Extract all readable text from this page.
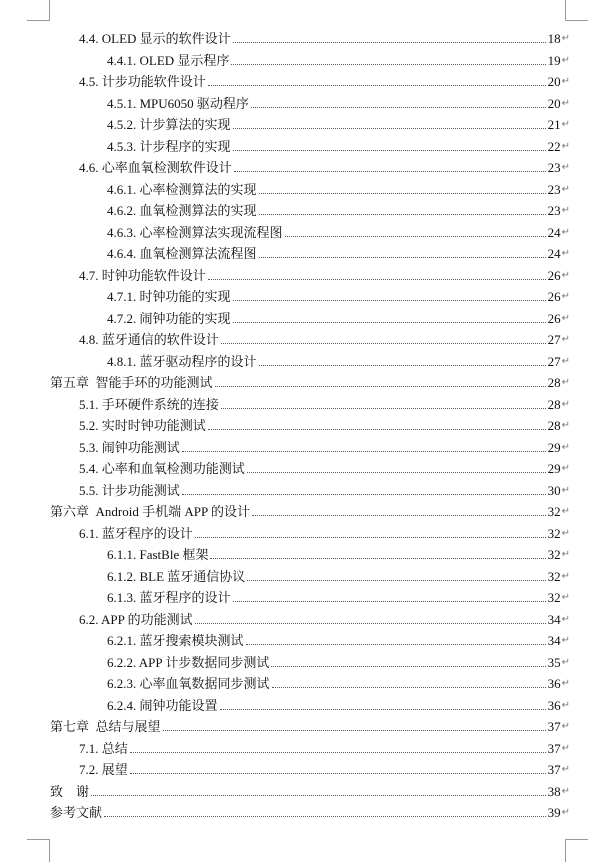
4.4. OLED 显示的软件设计	18 ↵
4.4.1. OLED 显示程序	19 ↵
4.5. 计步功能软件设计	20 ↵
4.5.1. MPU6050 驱动程序	20 ↵
4.5.2. 计步算法的实现	21 ↵
4.5.3. 计步程序的实现	22 ↵
4.6. 心率血氧检测软件设计	23 ↵
4.6.1. 心率检测算法的实现	23 ↵
4.6.2. 血氧检测算法的实现	23 ↵
4.6.3. 心率检测算法实现流程图	24 ↵
4.6.4. 血氧检测算法流程图	24 ↵
4.7. 时钟功能软件设计	26 ↵
4.7.1. 时钟功能的实现	26 ↵
4.7.2. 闹钟功能的实现	26 ↵
4.8. 蓝牙通信的软件设计	27 ↵
4.8.1. 蓝牙驱动程序的设计	27 ↵
第五章  智能手环的功能测试	28 ↵
5.1. 手环硬件系统的连接	28 ↵
5.2. 实时时钟功能测试	28 ↵
5.3. 闹钟功能测试	29 ↵
5.4. 心率和血氧检测功能测试	29 ↵
5.5. 计步功能测试	30 ↵
第六章  Android 手机端 APP 的设计	32 ↵
6.1. 蓝牙程序的设计	32 ↵
6.1.1. FastBle 框架	32 ↵
6.1.2. BLE 蓝牙通信协议	32 ↵
6.1.3. 蓝牙程序的设计	32 ↵
6.2. APP 的功能测试	34 ↵
6.2.1. 蓝牙搜索模块测试	34 ↵
6.2.2. APP 计步数据同步测试	35 ↵
6.2.3. 心率血氧数据同步测试	36 ↵
6.2.4. 闹钟功能设置	36 ↵
第七章  总结与展望	37 ↵
7.1. 总结	37 ↵
7.2. 展望	37 ↵
致    谢	38 ↵
参考文献	39 ↵
